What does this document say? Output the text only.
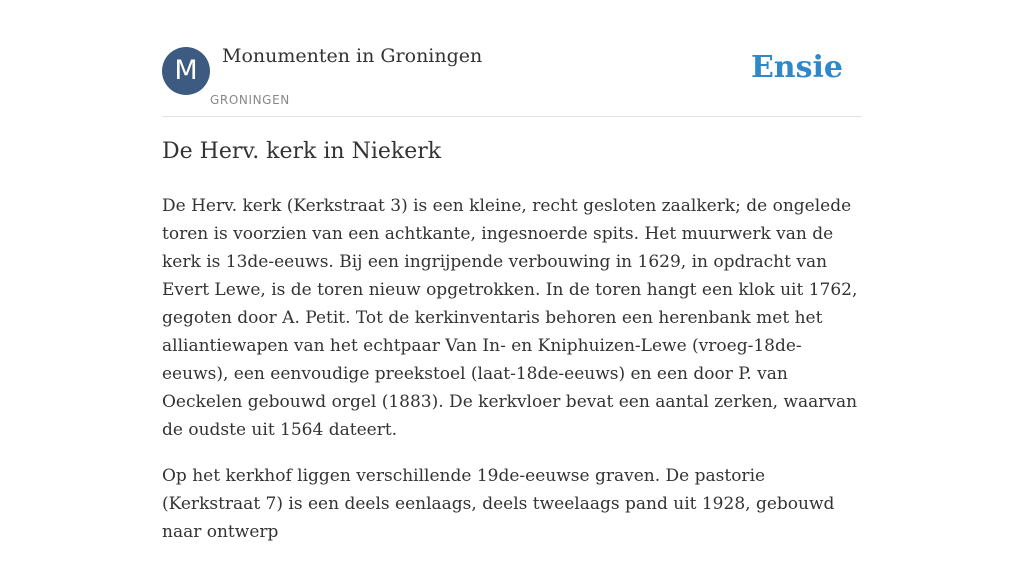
M	Monumenten in Groningen
GRONINGEN
Ensie
De Herv. kerk in Niekerk

De Herv. kerk (Kerkstraat 3) is een kleine, recht gesloten zaalkerk; de ongelede toren is voorzien van een achtkante, ingesnoerde spits. Het muurwerk van de kerk is 13de-eeuws. Bij een ingrijpende verbouwing in 1629, in opdracht van Evert Lewe, is de toren nieuw opgetrokken. In de toren hangt een klok uit 1762, gegoten door A. Petit. Tot de kerkinventaris behoren een herenbank met het alliantiewapen van het echtpaar Van In- en Kniphuizen-Lewe (vroeg-18de-eeuws), een eenvoudige preekstoel (laat-18de-eeuws) en een door P. van Oeckelen gebouwd orgel (1883). De kerkvloer bevat een aantal zerken, waarvan de oudste uit 1564 dateert.

Op het kerkhof liggen verschillende 19de-eeuwse graven. De pastorie (Kerkstraat 7) is een deels eenlaags, deels tweelaags pand uit 1928, gebouwd naar ontwerp
